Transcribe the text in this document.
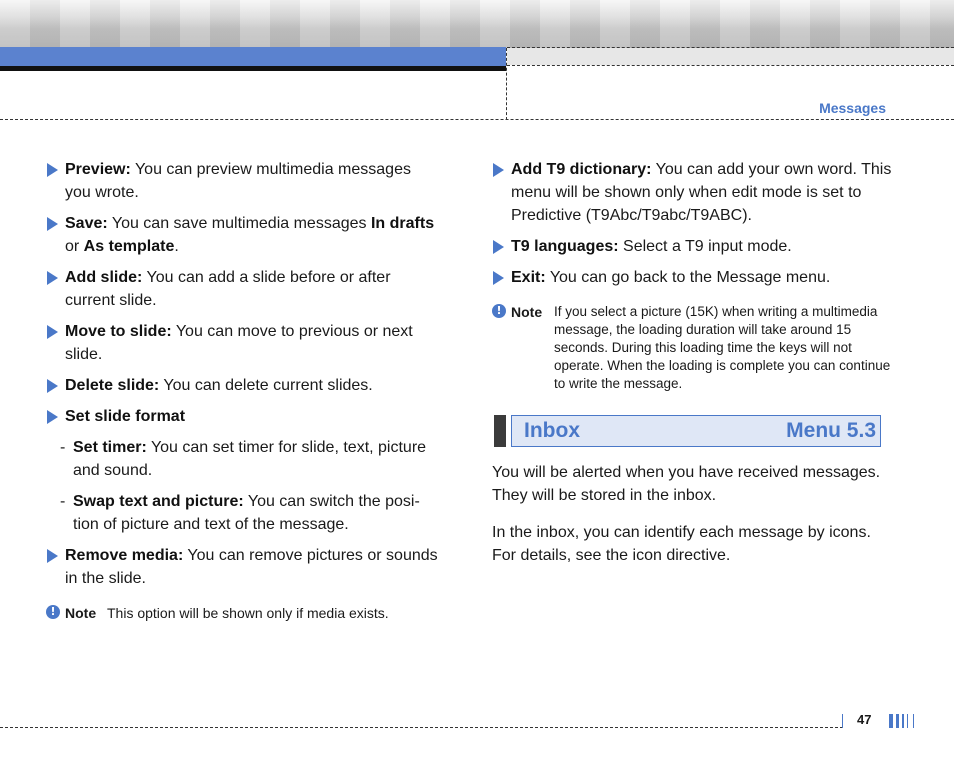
Messages
Preview: You can preview multimedia messages you wrote.
Save: You can save multimedia messages In drafts or As template.
Add slide: You can add a slide before or after current slide.
Move to slide: You can move to previous or next slide.
Delete slide: You can delete current slides.
Set slide format
- Set timer: You can set timer for slide, text, picture and sound.
- Swap text and picture: You can switch the posi-tion of picture and text of the message.
Remove media: You can remove pictures or sounds in the slide.
! Note This option will be shown only if media exists.
Add T9 dictionary: You can add your own word. This menu will be shown only when edit mode is set to Predictive (T9Abc/T9abc/T9ABC).
T9 languages: Select a T9 input mode.
Exit: You can go back to the Message menu.
! Note If you select a picture (15K) when writing a multimedia message, the loading duration will take around 15 seconds. During this loading time the keys will not operate. When the loading is complete you can continue to write the message.
Inbox	Menu 5.3
You will be alerted when you have received messages. They will be stored in the inbox.
In the inbox, you can identify each message by icons. For details, see the icon directive.
47
